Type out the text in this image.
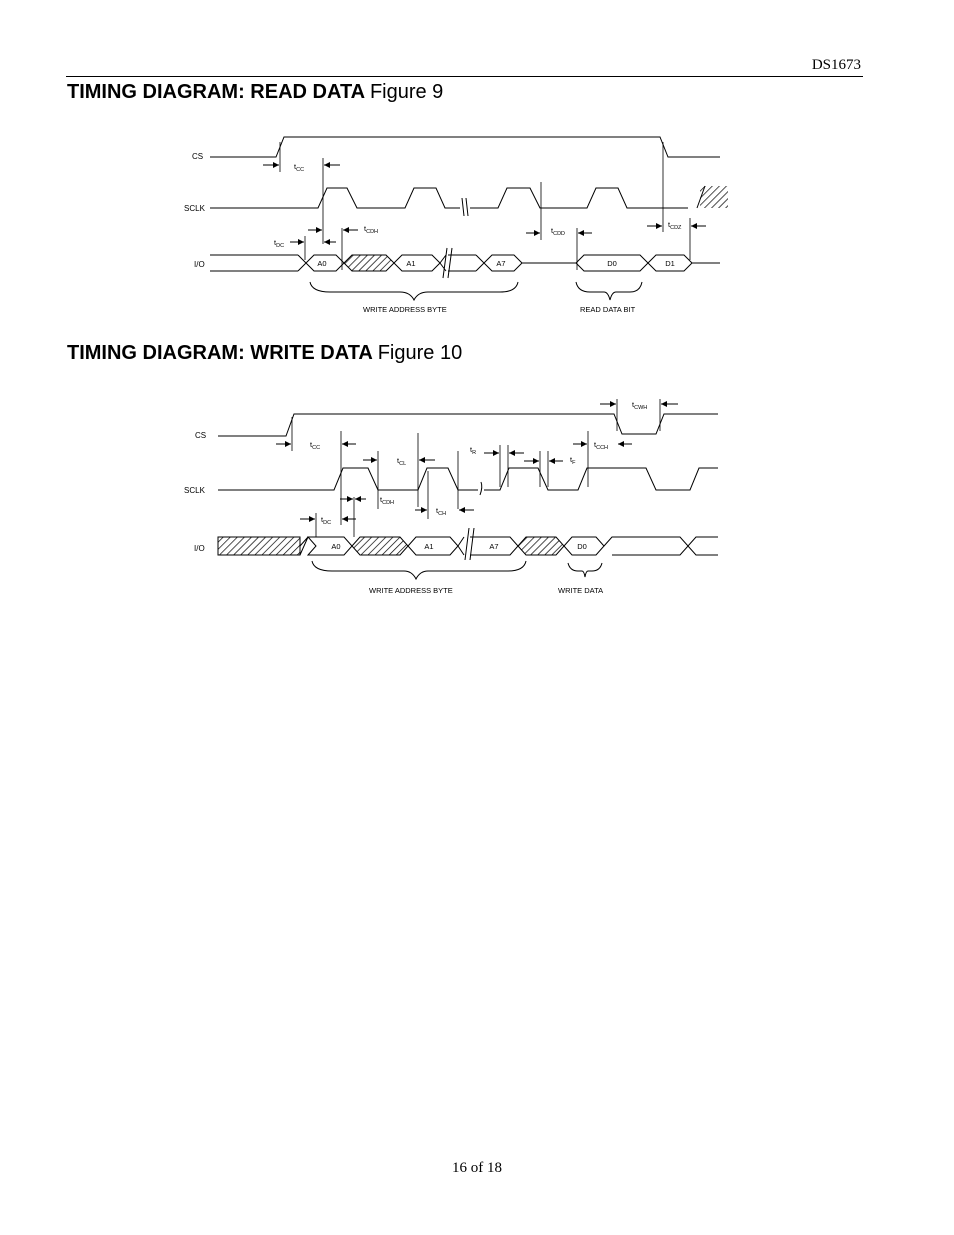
DS1673
TIMING DIAGRAM: READ DATA Figure 9
CS
SCLK
I/O	A0	A1	A7	D0	D1
$t_{CC}$
$t_{CDH}$
$t_{DC}$
$t_{CDD}$
$t_{CDZ}$
WRITE ADDRESS BYTE	READ DATA BIT
TIMING DIAGRAM: WRITE DATA Figure 10
CS
SCLK
I/O	A0	A1	A7	D0
$t_{CWH}$
$t_{CC}$
$t_{CL}$
$t_R$
$t_F$
$t_{CCH}$
$t_{CDH}$
$t_{CH}$
$t_{DC}$
WRITE ADDRESS BYTE	WRITE DATA
16 of 18
